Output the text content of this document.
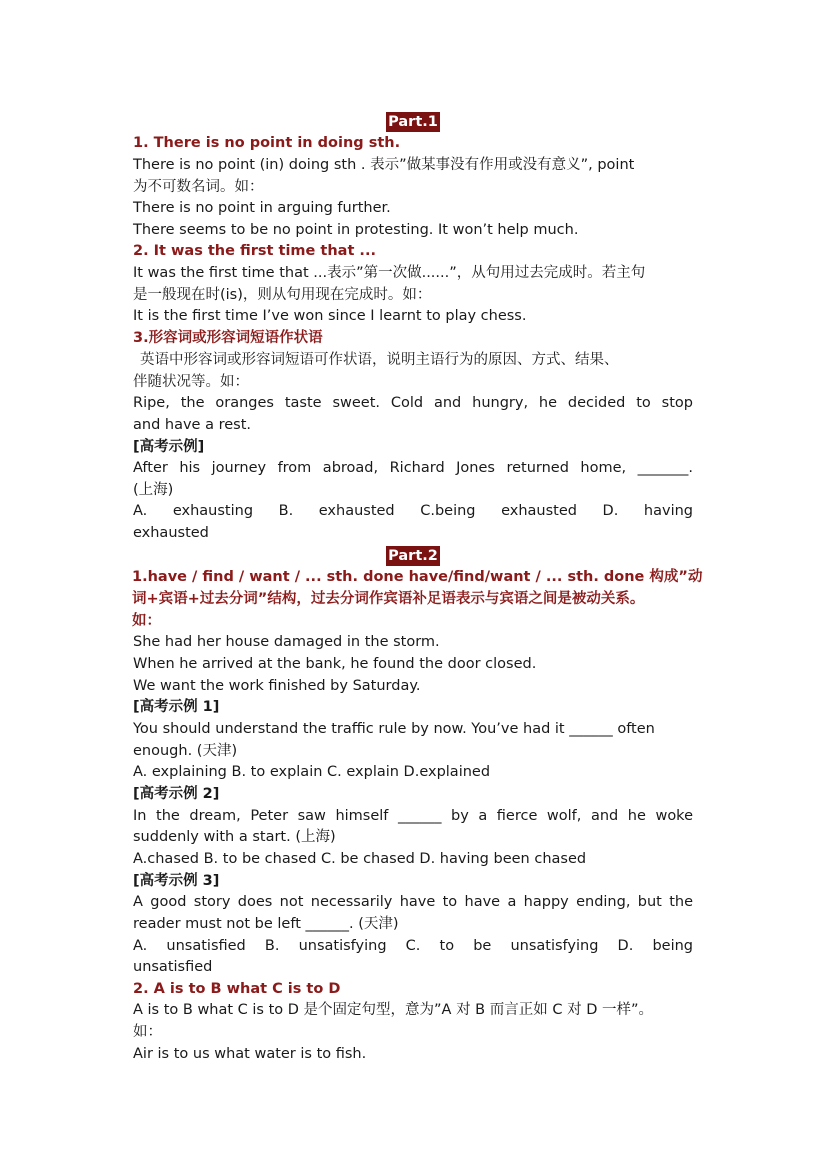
Part.1

1. There is no point in doing sth.

There is no point (in) doing sth . 表示”做某事没有作用或没有意义”, point

为不可数名词。如：

There is no point in arguing further.

There seems to be no point in protesting. It won’t help much.

2. It was the first time that ...

It was the first time that ...表示”第一次做......”，从句用过去完成时。若主句

是一般现在时(is)，则从句用现在完成时。如：

It is the first time I’ve won since I learnt to play chess.

3.形容词或形容词短语作状语

英语中形容词或形容词短语可作状语，说明主语行为的原因、方式、结果、

伴随状况等。如：

Ripe, the oranges taste sweet. Cold and hungry, he decided to stop

and have a rest.

[高考示例]

After his journey from abroad, Richard Jones returned home, _______.

(上海)

A. exhausting B. exhausted C.being exhausted D. having

exhausted

Part.2

1.have / find / want / ... sth. done have/find/want / ... sth. done 构成”动

词+宾语+过去分词”结构，过去分词作宾语补足语表示与宾语之间是被动关系。

如：

She had her house damaged in the storm.

When he arrived at the bank, he found the door closed.

We want the work finished by Saturday.

[高考示例 1]

You should understand the traffic rule by now. You’ve had it ______ often

enough. (天津)

A. explaining B. to explain C. explain D.explained

[高考示例 2]

In the dream, Peter saw himself ______ by a fierce wolf, and he woke

suddenly with a start. (上海)

A.chased B. to be chased C. be chased D. having been chased

[高考示例 3]

A good story does not necessarily have to have a happy ending, but the

reader must not be left ______. (天津)

A. unsatisfied B. unsatisfying C. to be unsatisfying D. being

unsatisfied

2. A is to B what C is to D

A is to B what C is to D 是个固定句型，意为”A 对 B 而言正如 C 对 D 一样”。

如：

Air is to us what water is to fish.
